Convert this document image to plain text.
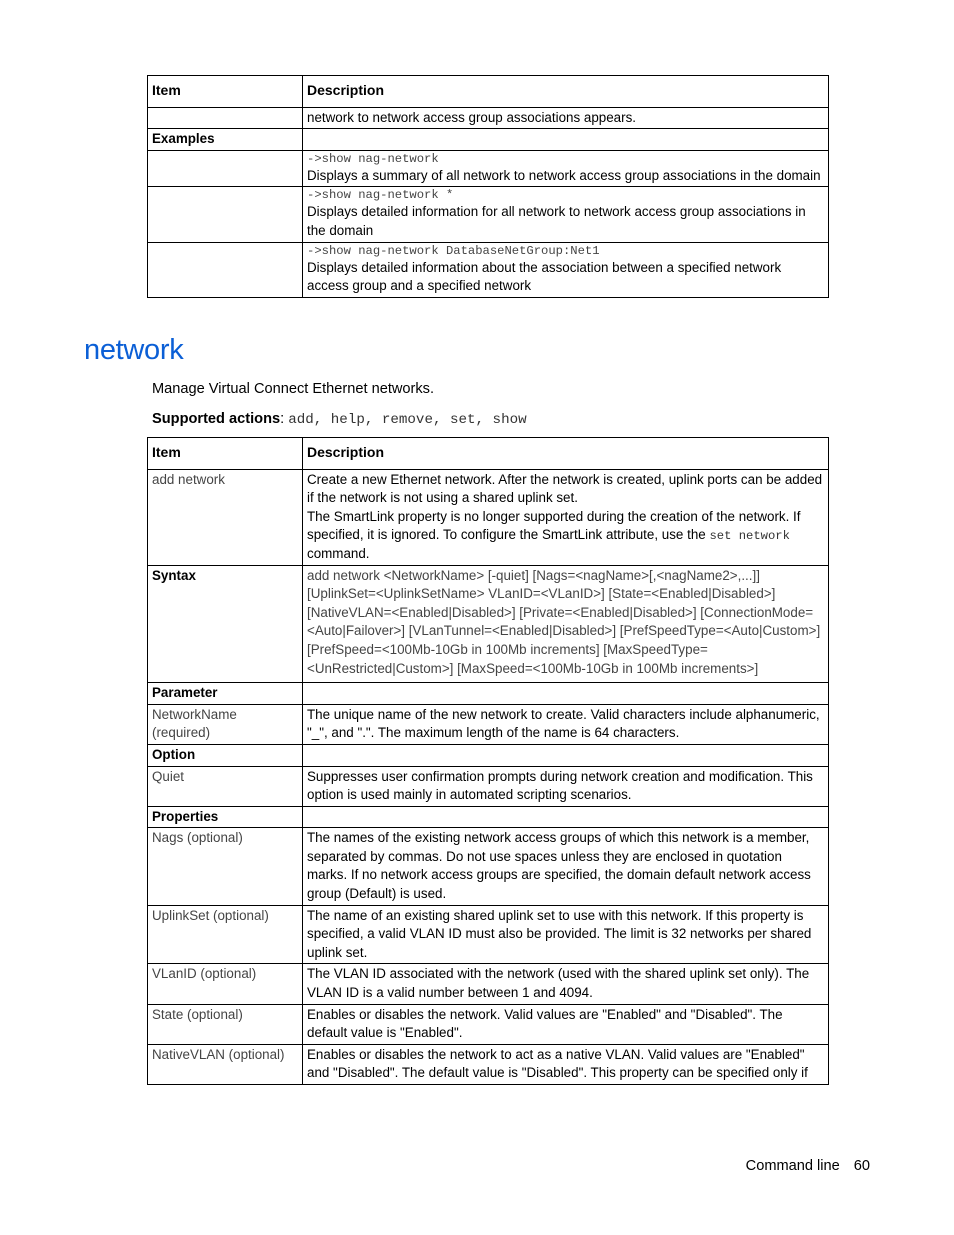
Item	Description
	network to network access group associations appears.
Examples	

	->show nag-network
Displays a summary of all network to network access group associations in the domain

	->show nag-network *
Displays detailed information for all network to network access group associations in the domain

	->show nag-network DatabaseNetGroup:Net1
Displays detailed information about the association between a specified network access group and a specified network
network
Manage Virtual Connect Ethernet networks.
Supported actions: add, help, remove, set, show
Item	Description
add network	Create a new Ethernet network. After the network is created, uplink ports can be added if the network is not using a shared uplink set.
The SmartLink property is no longer supported during the creation of the network. If specified, it is ignored. To configure the SmartLink attribute, use the set network command.

Syntax	add network <NetworkName> [-quiet] [Nags=<nagName>[,<nagName2>,...]] [UplinkSet=<UplinkSetName> VLanID=<VLanID>] [State=<Enabled|Disabled>] [NativeVLAN=<Enabled|Disabled>] [Private=<Enabled|Disabled>] [ConnectionMode=<Auto|Failover>] [VLanTunnel=<Enabled|Disabled>] [PrefSpeedType=<Auto|Custom>] [PrefSpeed=<100Mb-10Gb in 100Mb increments] [MaxSpeedType=<UnRestricted|Custom>] [MaxSpeed=<100Mb-10Gb in 100Mb increments>]
Parameter	
NetworkName (required)	The unique name of the new network to create. Valid characters include alphanumeric, "_", and ".". The maximum length of the name is 64 characters.
Option	
Quiet	Suppresses user confirmation prompts during network creation and modification. This option is used mainly in automated scripting scenarios.
Properties	
Nags (optional)	The names of the existing network access groups of which this network is a member, separated by commas. Do not use spaces unless they are enclosed in quotation marks. If no network access groups are specified, the domain default network access group (Default) is used.
UplinkSet (optional)	The name of an existing shared uplink set to use with this network. If this property is specified, a valid VLAN ID must also be provided. The limit is 32 networks per shared uplink set.
VLanID (optional)	The VLAN ID associated with the network (used with the shared uplink set only). The VLAN ID is a valid number between 1 and 4094.
State (optional)	Enables or disables the network. Valid values are "Enabled" and "Disabled". The default value is "Enabled".
NativeVLAN (optional)	Enables or disables the network to act as a native VLAN. Valid values are "Enabled" and "Disabled". The default value is "Disabled". This property can be specified only if
Command line 60
